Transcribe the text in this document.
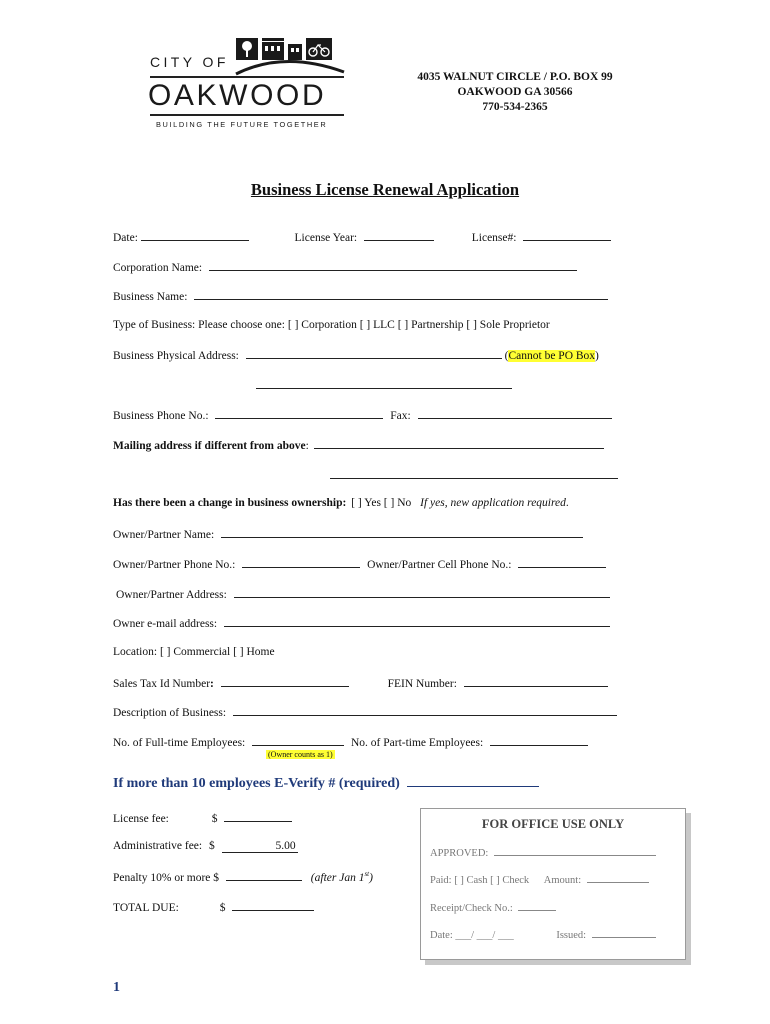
CITY OF
OAKWOOD
BUILDING THE FUTURE TOGETHER
4035 WALNUT CIRCLE / P.O. BOX 99
OAKWOOD GA 30566
770-534-2365
Business License Renewal Application
Date:	License Year:	License#:
Corporation Name:
Business Name:
Type of Business: Please choose one: [ ] Corporation [ ] LLC [ ] Partnership [ ] Sole Proprietor
Business Physical Address:	(Cannot be PO Box)
Business Phone No.:	Fax:
Mailing address if different from above:
Has there been a change in business ownership: [ ] Yes [ ] No If yes, new application required.
Owner/Partner Name:
Owner/Partner Phone No.:	Owner/Partner Cell Phone No.:
Owner/Partner Address:
Owner e-mail address:
Location: [ ] Commercial [ ] Home
Sales Tax Id Number:	FEIN Number:
Description of Business:
No. of Full-time Employees:	No. of Part-time Employees:
(Owner counts as 1)
If more than 10 employees E-Verify # (required)
License fee:	$
Administrative fee: $	5.00
Penalty 10% or more $	(after Jan 1st)
TOTAL DUE:	$
FOR OFFICE USE ONLY
APPROVED:
Paid: [ ] Cash [ ] Check Amount:
Receipt/Check No.:
Date: ___/ ___/ ___	Issued:
1
